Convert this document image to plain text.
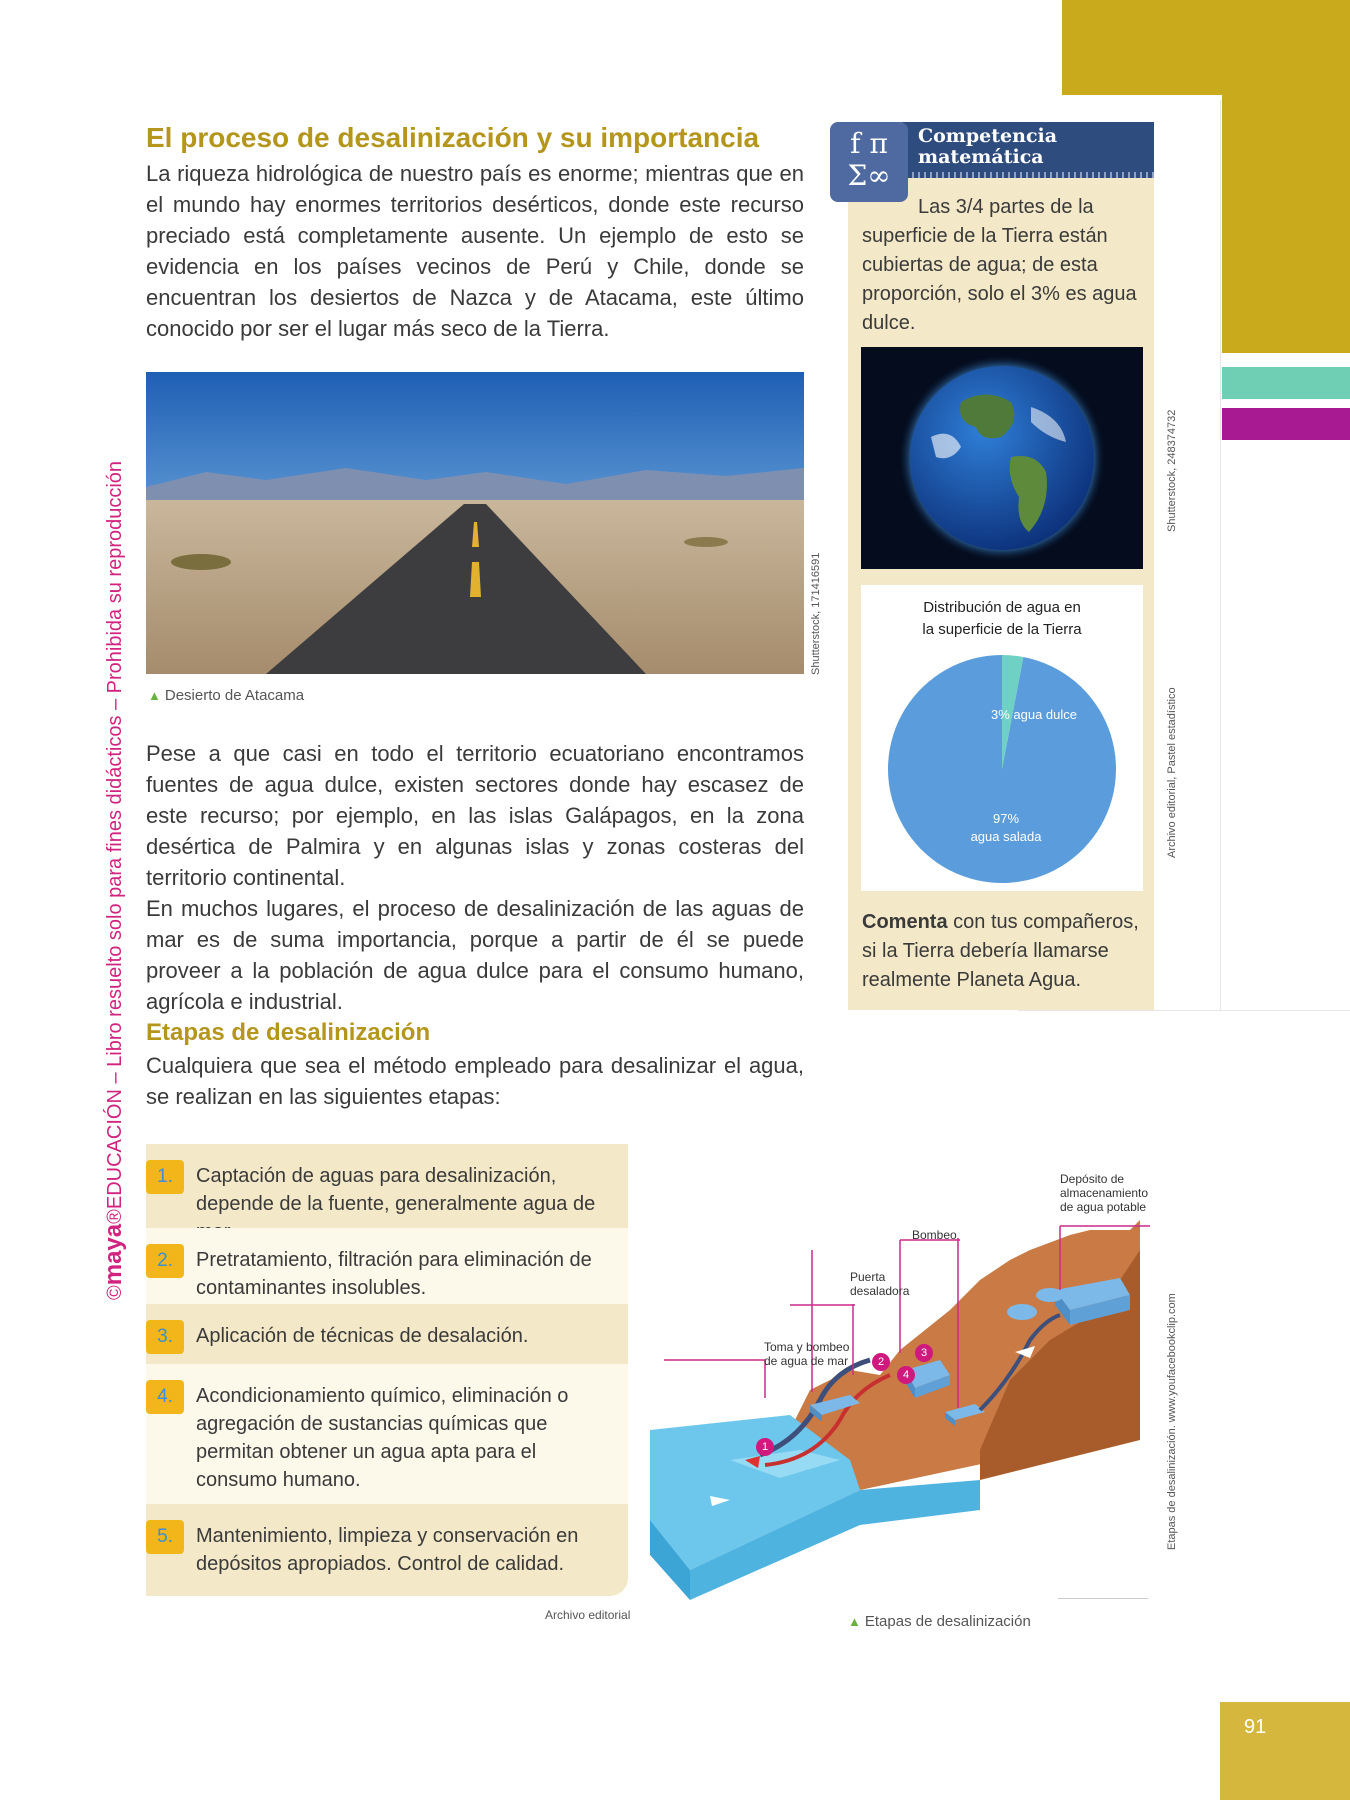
©maya®EDUCACIÓN – Libro resuelto solo para fines didácticos – Prohibida su reproducción
El proceso de desalinización y su importancia
La riqueza hidrológica de nuestro país es enorme; mientras que en el mundo hay enormes territorios desérticos, donde este recurso preciado está completamente ausente. Un ejemplo de esto se evidencia en los países vecinos de Perú y Chile, donde se encuentran los desiertos de Nazca y de Atacama, este último conocido por ser el lugar más seco de la Tierra.
Shutterstock, 171416591
▲ Desierto de Atacama
Pese a que casi en todo el territorio ecuatoriano encontramos fuentes de agua dulce, existen sectores donde hay escasez de este recurso; por ejemplo, en las islas Galápagos, en la zona desértica de Palmira y en algunas islas y zonas costeras del territorio continental.
En muchos lugares, el proceso de desalinización de las aguas de mar es de suma importancia, porque a partir de él se puede proveer a la población de agua dulce para el consumo humano, agrícola e industrial.
Etapas de desalinización
Cualquiera que sea el método empleado para desalinizar el agua, se realizan en las siguientes etapas:
1.	Captación de aguas para desalinización, depende de la fuente, generalmente agua de
2.	Pretratamiento, filtración para eliminación de contaminantes insolubles.
3.	Aplicación de técnicas de desalación.
4.	Acondicionamiento químico, eliminación o agregación de sustancias químicas que permitan obtener un agua apta para el consumo humano.
5.	Mantenimiento, limpieza y conservación en depósitos apropiados. Control de calidad.
Archivo editorial
Competencia
matemática
f π
Σ∞
Las 3/4 partes de la superficie de la Tierra están cubiertas de agua; de esta proporción, solo el 3% es agua dulce.
Shutterstock, 248374732
Distribución de agua en
la superficie de la Tierra
3% agua dulce
97%
agua salada	Archivo editorial, Pastel estadístico
Comenta con tus compañeros, si la Tierra debería llamarse realmente Planeta Agua.
Depósito de
almacenamiento
de agua potable
Bombeo
Puerta
desaladora
Toma y bombeo
de agua de mar
1
2
3
4	Etapas de desalinización. www.youfacebookclip.com
▲ Etapas de desalinización
91
